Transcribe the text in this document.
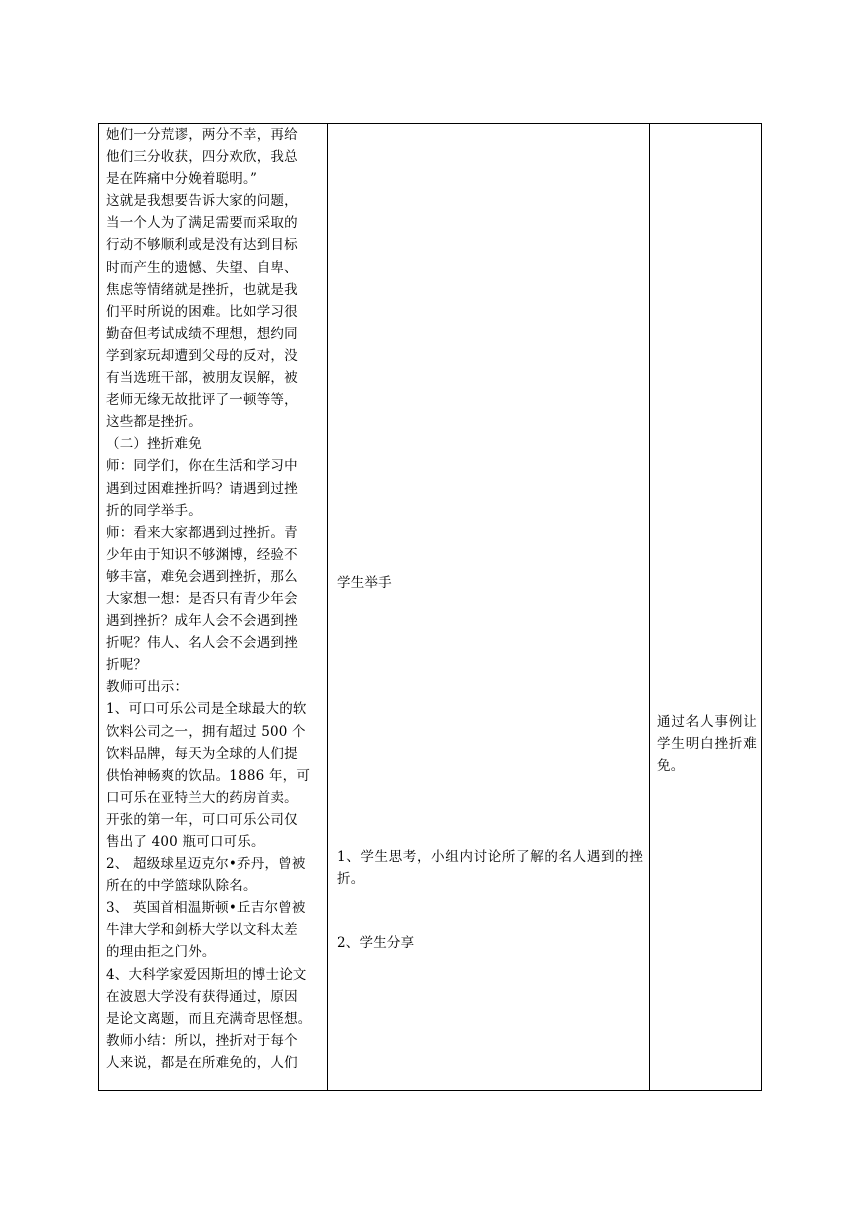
她们一分荒谬，两分不幸，再给

他们三分收获，四分欢欣，我总

是在阵痛中分娩着聪明。”

这就是我想要告诉大家的问题，

当一个人为了满足需要而采取的

行动不够顺利或是没有达到目标

时而产生的遗憾、失望、自卑、

焦虑等情绪就是挫折，也就是我

们平时所说的困难。比如学习很

勤奋但考试成绩不理想，想约同

学到家玩却遭到父母的反对，没

有当选班干部，被朋友误解，被

老师无缘无故批评了一顿等等，

这些都是挫折。

（二）挫折难免

师：同学们，你在生活和学习中

遇到过困难挫折吗？请遇到过挫

折的同学举手。

师：看来大家都遇到过挫折。青

少年由于知识不够渊博，经验不

够丰富，难免会遇到挫折，那么

大家想一想：是否只有青少年会

遇到挫折？成年人会不会遇到挫

折呢？伟人、名人会不会遇到挫

折呢？

教师可出示：

1、可口可乐公司是全球最大的软

饮料公司之一，拥有超过 500 个

饮料品牌，每天为全球的人们提

供怡神畅爽的饮品。1886 年，可

口可乐在亚特兰大的药房首卖。

开张的第一年，可口可乐公司仅

售出了 400 瓶可口可乐。

2、 超级球星迈克尔•乔丹，曾被

所在的中学篮球队除名。

3、 英国首相温斯顿•丘吉尔曾被

牛津大学和剑桥大学以文科太差

的理由拒之门外。

4、大科学家爱因斯坦的博士论文

在波恩大学没有获得通过，原因

是论文离题，而且充满奇思怪想。

教师小结：所以，挫折对于每个

人来说，都是在所难免的，人们

学生举手

1、学生思考，小组内讨论所了解的名人遇到的挫折。

2、学生分享

通过名人事例让学生明白挫折难免。
